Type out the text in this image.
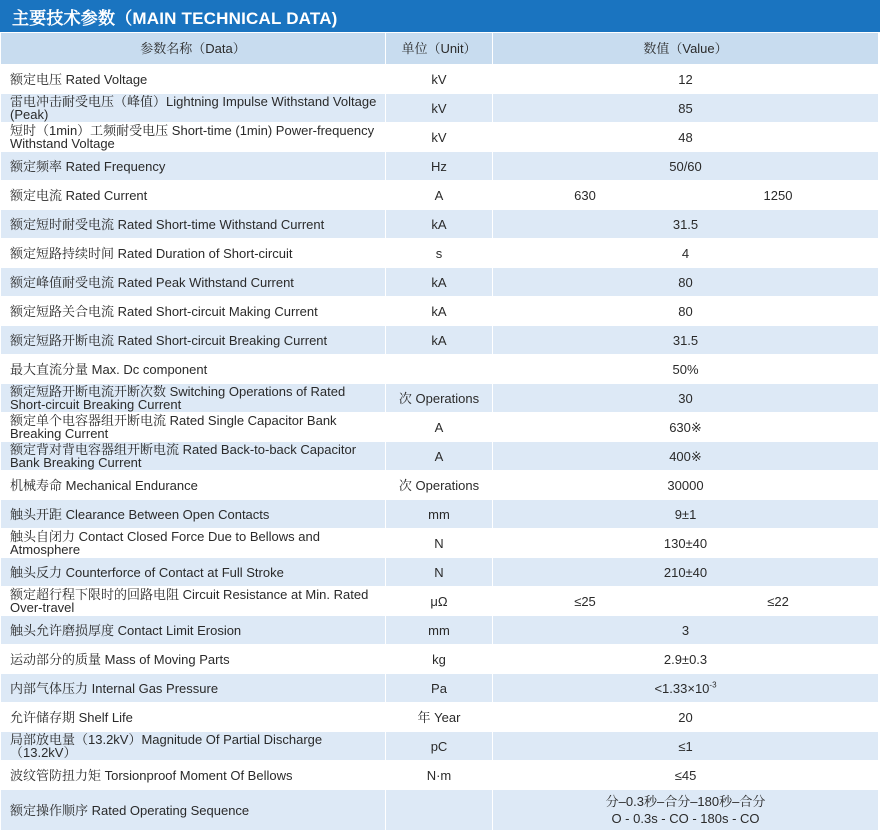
主要技术参数（MAIN TECHNICAL DATA)
参数名称（Data）	单位（Unit）	数值（Value）	
额定电压 Rated Voltage	kV	12	
雷电冲击耐受电压（峰值）Lightning Impulse Withstand Voltage (Peak)	kV	85	
短时（1min）工频耐受电压 Short-time (1min) Power-frequency Withstand Voltage	kV	48	
额定频率 Rated Frequency	Hz	50/60	
额定电流 Rated Current	A	630	1250
额定短时耐受电流 Rated Short-time Withstand Current	kA	31.5	
额定短路持续时间 Rated Duration of Short-circuit	s	4	
额定峰值耐受电流 Rated Peak Withstand Current	kA	80	
额定短路关合电流 Rated Short-circuit Making Current	kA	80	
额定短路开断电流 Rated Short-circuit Breaking Current	kA	31.5	
最大直流分量 Max. Dc component		50%	
额定短路开断电流开断次数 Switching Operations of Rated Short-circuit Breaking Current	次 Operations	30	
额定单个电容器组开断电流 Rated Single Capacitor Bank Breaking Current	A	630※	
额定背对背电容器组开断电流 Rated Back-to-back Capacitor Bank Breaking Current	A	400※	
机械寿命 Mechanical Endurance	次 Operations	30000	
触头开距 Clearance Between Open Contacts	mm	9±1	
触头自闭力 Contact Closed Force Due to Bellows and Atmosphere	N	130±40	
触头反力 Counterforce of Contact at Full Stroke	N	210±40	
额定超行程下限时的回路电阻 Circuit Resistance at Min. Rated Over-travel	μΩ	≤25	≤22
触头允许磨损厚度 Contact Limit Erosion	mm	3	
运动部分的质量 Mass of Moving Parts	kg	2.9±0.3	
内部气体压力 Internal Gas Pressure	Pa	$<1.33\times 10^{-3}$
允许储存期 Shelf Life	年 Year	20	
局部放电量（13.2kV）Magnitude Of Partial Discharge（13.2kV）	pC	≤1	
波纹管防扭力矩 Torsionproof Moment Of Bellows	N·m	≤45	
额定操作顺序 Rated Operating Sequence		分–0.3秒–合分–180秒–合分
O - 0.3s - CO - 180s - CO	
